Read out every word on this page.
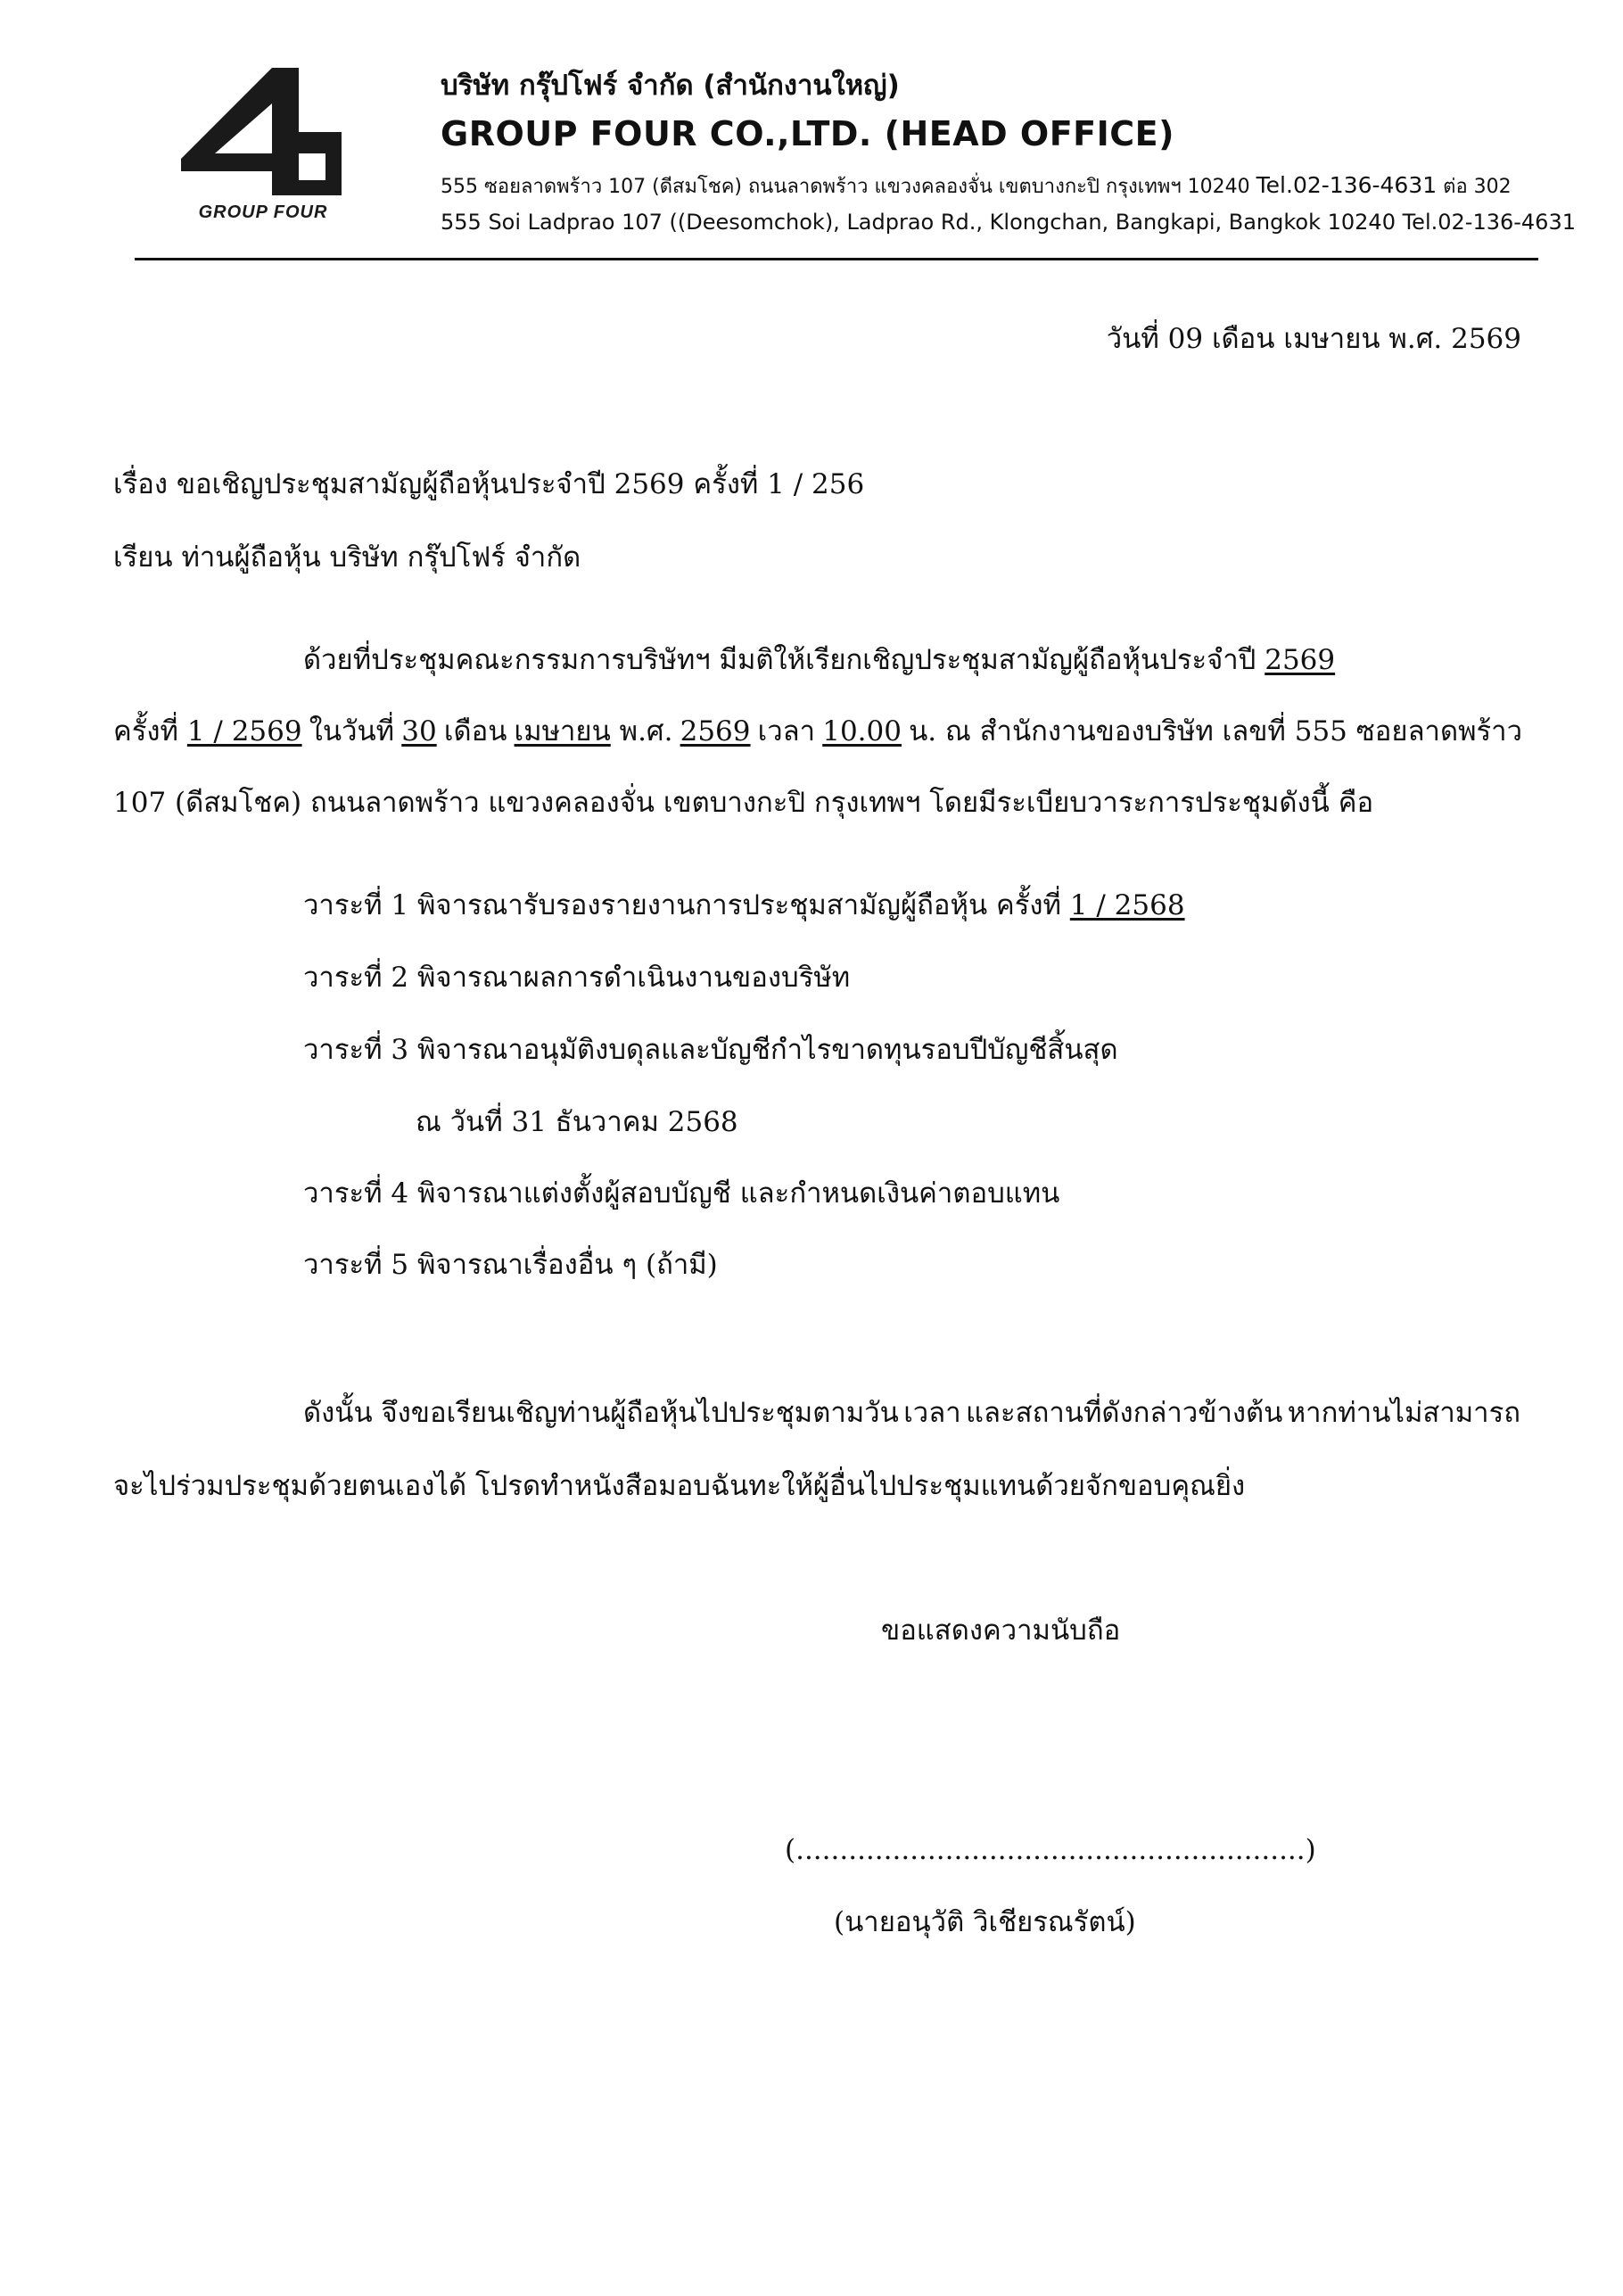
GROUP FOUR
บริษัท กรุ๊ปโฟร์ จำกัด (สำนักงานใหญ่)
GROUP FOUR CO.,LTD. (HEAD OFFICE)
555 ซอยลาดพร้าว 107 (ดีสมโชค) ถนนลาดพร้าว แขวงคลองจั่น เขตบางกะปิ กรุงเทพฯ 10240 Tel.02-136-4631 ต่อ 302
555 Soi Ladprao 107 ((Deesomchok), Ladprao Rd., Klongchan, Bangkapi, Bangkok 10240 Tel.02-136-4631
วันที่ 09 เดือน เมษายน พ.ศ. 2569
เรื่อง ขอเชิญประชุมสามัญผู้ถือหุ้นประจำปี 2569 ครั้งที่ 1 / 256
เรียน ท่านผู้ถือหุ้น บริษัท กรุ๊ปโฟร์ จำกัด
ด้วยที่ประชุมคณะกรรมการบริษัทฯ มีมติให้เรียกเชิญประชุมสามัญผู้ถือหุ้นประจำปี 2569
ครั้งที่ 1 / 2569 ในวันที่ 30 เดือน เมษายน พ.ศ. 2569 เวลา 10.00 น. ณ สำนักงานของบริษัท เลขที่ 555 ซอยลาดพร้าว
107 (ดีสมโชค) ถนนลาดพร้าว แขวงคลองจั่น เขตบางกะปิ กรุงเทพฯ โดยมีระเบียบวาระการประชุมดังนี้ คือ
วาระที่ 1 พิจารณารับรองรายงานการประชุมสามัญผู้ถือหุ้น ครั้งที่ 1 / 2568
วาระที่ 2 พิจารณาผลการดำเนินงานของบริษัท
วาระที่ 3 พิจารณาอนุมัติงบดุลและบัญชีกำไรขาดทุนรอบปีบัญชีสิ้นสุด
ณ วันที่ 31 ธันวาคม 2568
วาระที่ 4 พิจารณาแต่งตั้งผู้สอบบัญชี และกำหนดเงินค่าตอบแทน
วาระที่ 5 พิจารณาเรื่องอื่น ๆ (ถ้ามี)
ดังนั้น จึงขอเรียนเชิญท่านผู้ถือหุ้นไปประชุมตามวัน เวลา และสถานที่ดังกล่าวข้างต้น หากท่านไม่สามารถ
จะไปร่วมประชุมด้วยตนเองได้ โปรดทำหนังสือมอบฉันทะให้ผู้อื่นไปประชุมแทนด้วยจักขอบคุณยิ่ง
ขอแสดงความนับถือ
(..........................................................)
(นายอนุวัติ วิเชียรณรัตน์)
